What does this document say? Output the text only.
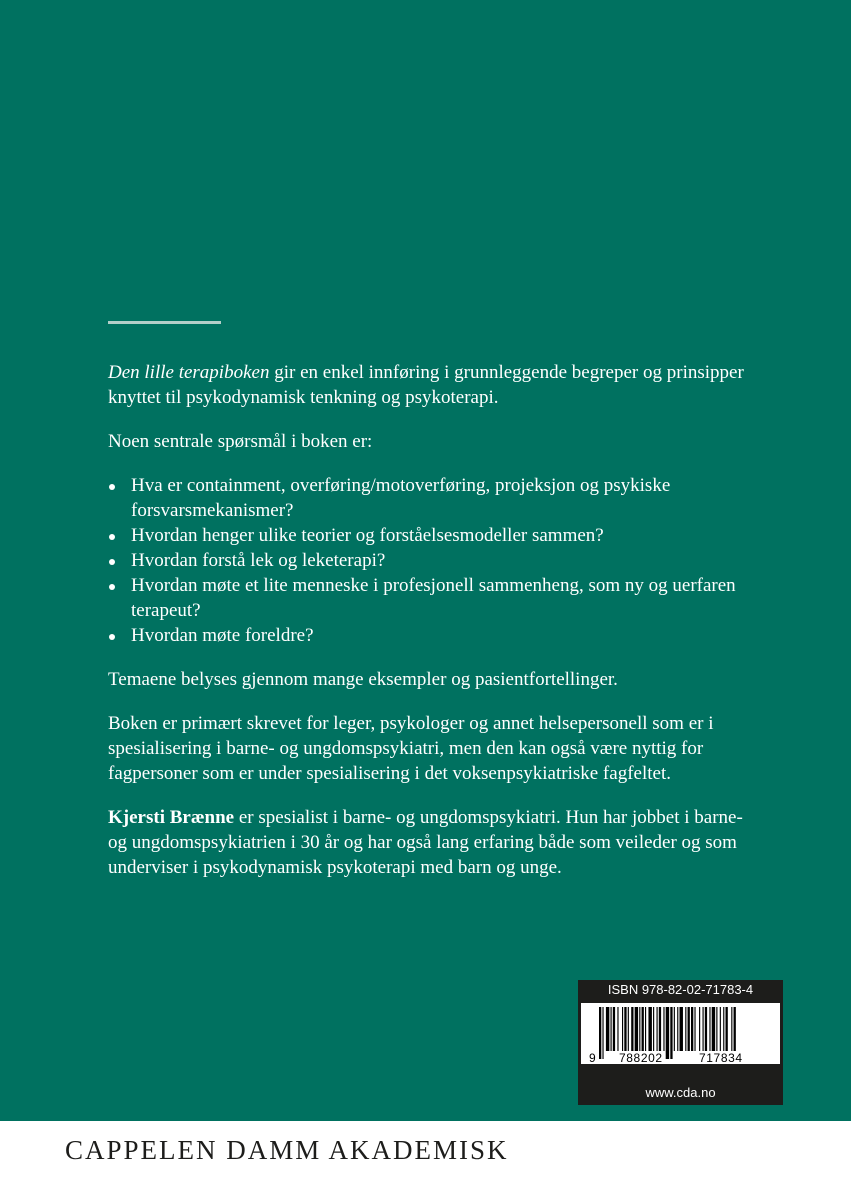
Den lille terapiboken gir en enkel innføring i grunnleggende begreper og prinsipper knyttet til psykodynamisk tenkning og psykoterapi.

Noen sentrale spørsmål i boken er:

Hva er containment, overføring/motoverføring, projeksjon og psykiske forsvarsmekanismer?
Hvordan henger ulike teorier og forståelsesmodeller sammen?
Hvordan forstå lek og leketerapi?
Hvordan møte et lite menneske i profesjonell sammenheng, som ny og uerfaren terapeut?
Hvordan møte foreldre?

Temaene belyses gjennom mange eksempler og pasientfortellinger.

Boken er primært skrevet for leger, psykologer og annet helsepersonell som er i spesialisering i barne- og ungdomspsykiatri, men den kan også være nyttig for fagpersoner som er under spesialisering i det voksenpsykiatriske fagfeltet.

Kjersti Brænne er spesialist i barne- og ungdomspsykiatri. Hun har jobbet i barne- og ungdomspsykiatrien i 30 år og har også lang erfaring både som veileder og som underviser i psykodynamisk psykoterapi med barn og unge.

ISBN 978-82-02-71783-4
9 788202	717834
www.cda.no
CAPPELEN DAMM AKADEMISK
